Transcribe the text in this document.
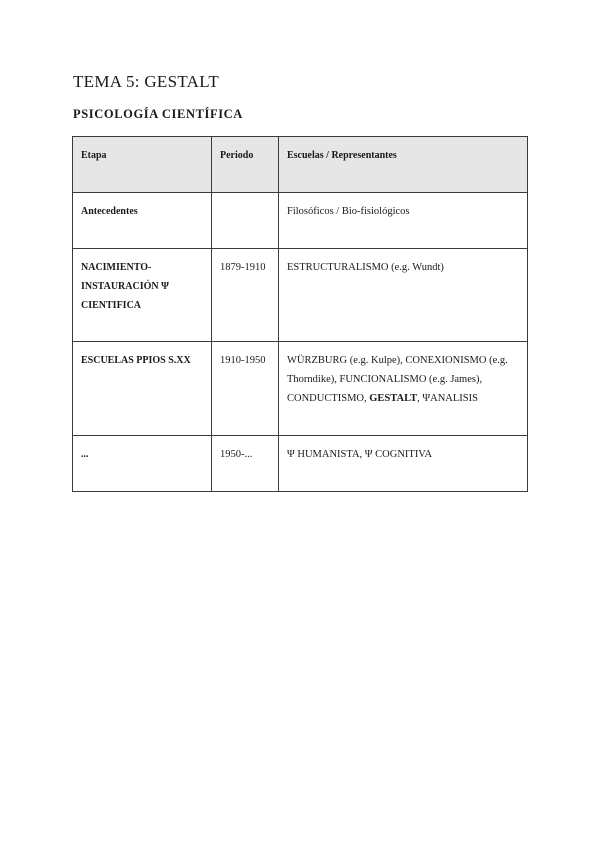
TEMA 5: GESTALT
PSICOLOGÍA CIENTÍFICA
Etapa	Periodo	Escuelas / Representantes
Antecedentes		Filosóficos / Bio-fisiológicos
NACIMIENTO-INSTAURACIÓN Ψ CIENTIFICA	1879-1910	ESTRUCTURALISMO (e.g. Wundt)
ESCUELAS PPIOS S.XX	1910-1950	WÜRZBURG (e.g. Kulpe), CONEXIONISMO (e.g. Thorndike), FUNCIONALISMO (e.g. James), CONDUCTISMO, GESTALT, ΨANALISIS
...	1950-...	Ψ HUMANISTA, Ψ COGNITIVA
